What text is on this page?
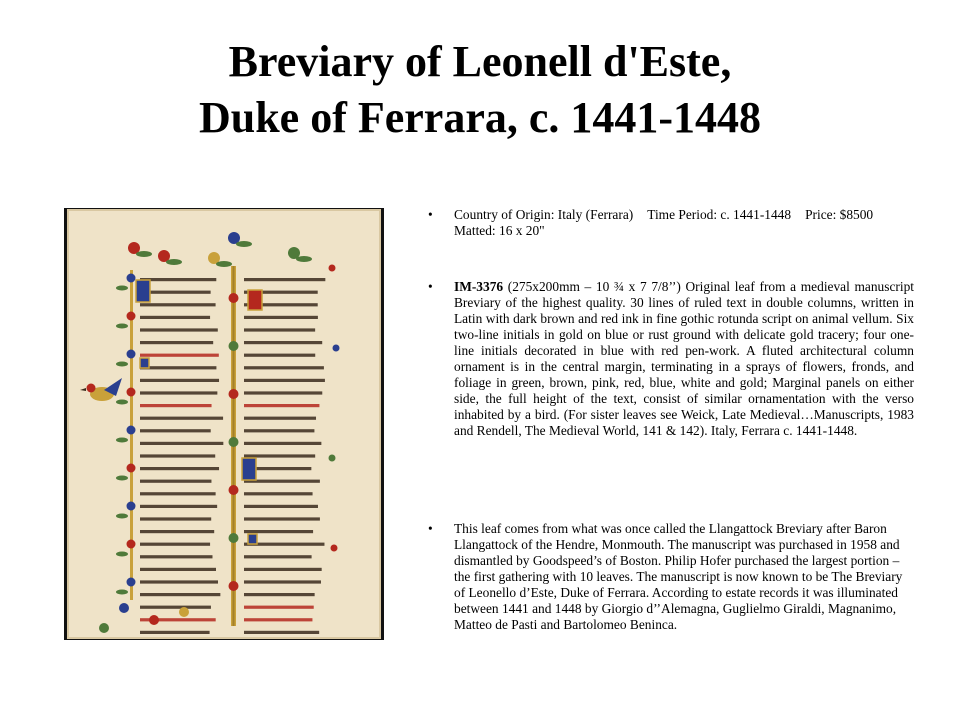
Breviary of Leonell d'Este,
Duke of Ferrara, c. 1441-1448
• Country of Origin: Italy (Ferrara) Time Period: c. 1441-1448 Price: $8500Matted: 16 x 20"
• IM-3376 (275x200mm – 10 ¾ x 7 7/8’’) Original leaf from a medieval manuscript Breviary of the highest quality. 30 lines of ruled text in double columns, written in Latin with dark brown and red ink in fine gothic rotunda script on animal vellum. Six two-line initials in gold on blue or rust ground with delicate gold tracery; four one-line initials decorated in blue with red pen-work. A fluted architectural column ornament is in the central margin, terminating in a sprays of flowers, fronds, and foliage in green, brown, pink, red, blue, white and gold; Marginal panels on either side, the full height of the text, consist of similar ornamentation with the verso inhabited by a bird. (For sister leaves see Weick, Late Medieval…Manuscripts, 1983 and Rendell, The Medieval World, 141 & 142). Italy, Ferrara c. 1441-1448.
• This leaf comes from what was once called the Llangattock Breviary after Baron Llangattock of the Hendre, Monmouth. The manuscript was purchased in 1958 and dismantled by Goodspeed’s of Boston. Philip Hofer purchased the largest portion – the first gathering with 10 leaves. The manuscript is now known to be The Breviary of Leonello d’Este, Duke of Ferrara. According to estate records it was illuminated between 1441 and 1448 by Giorgio d’’Alemagna, Guglielmo Giraldi, Magnanimo, Matteo de Pasti and Bartolomeo Beninca.
